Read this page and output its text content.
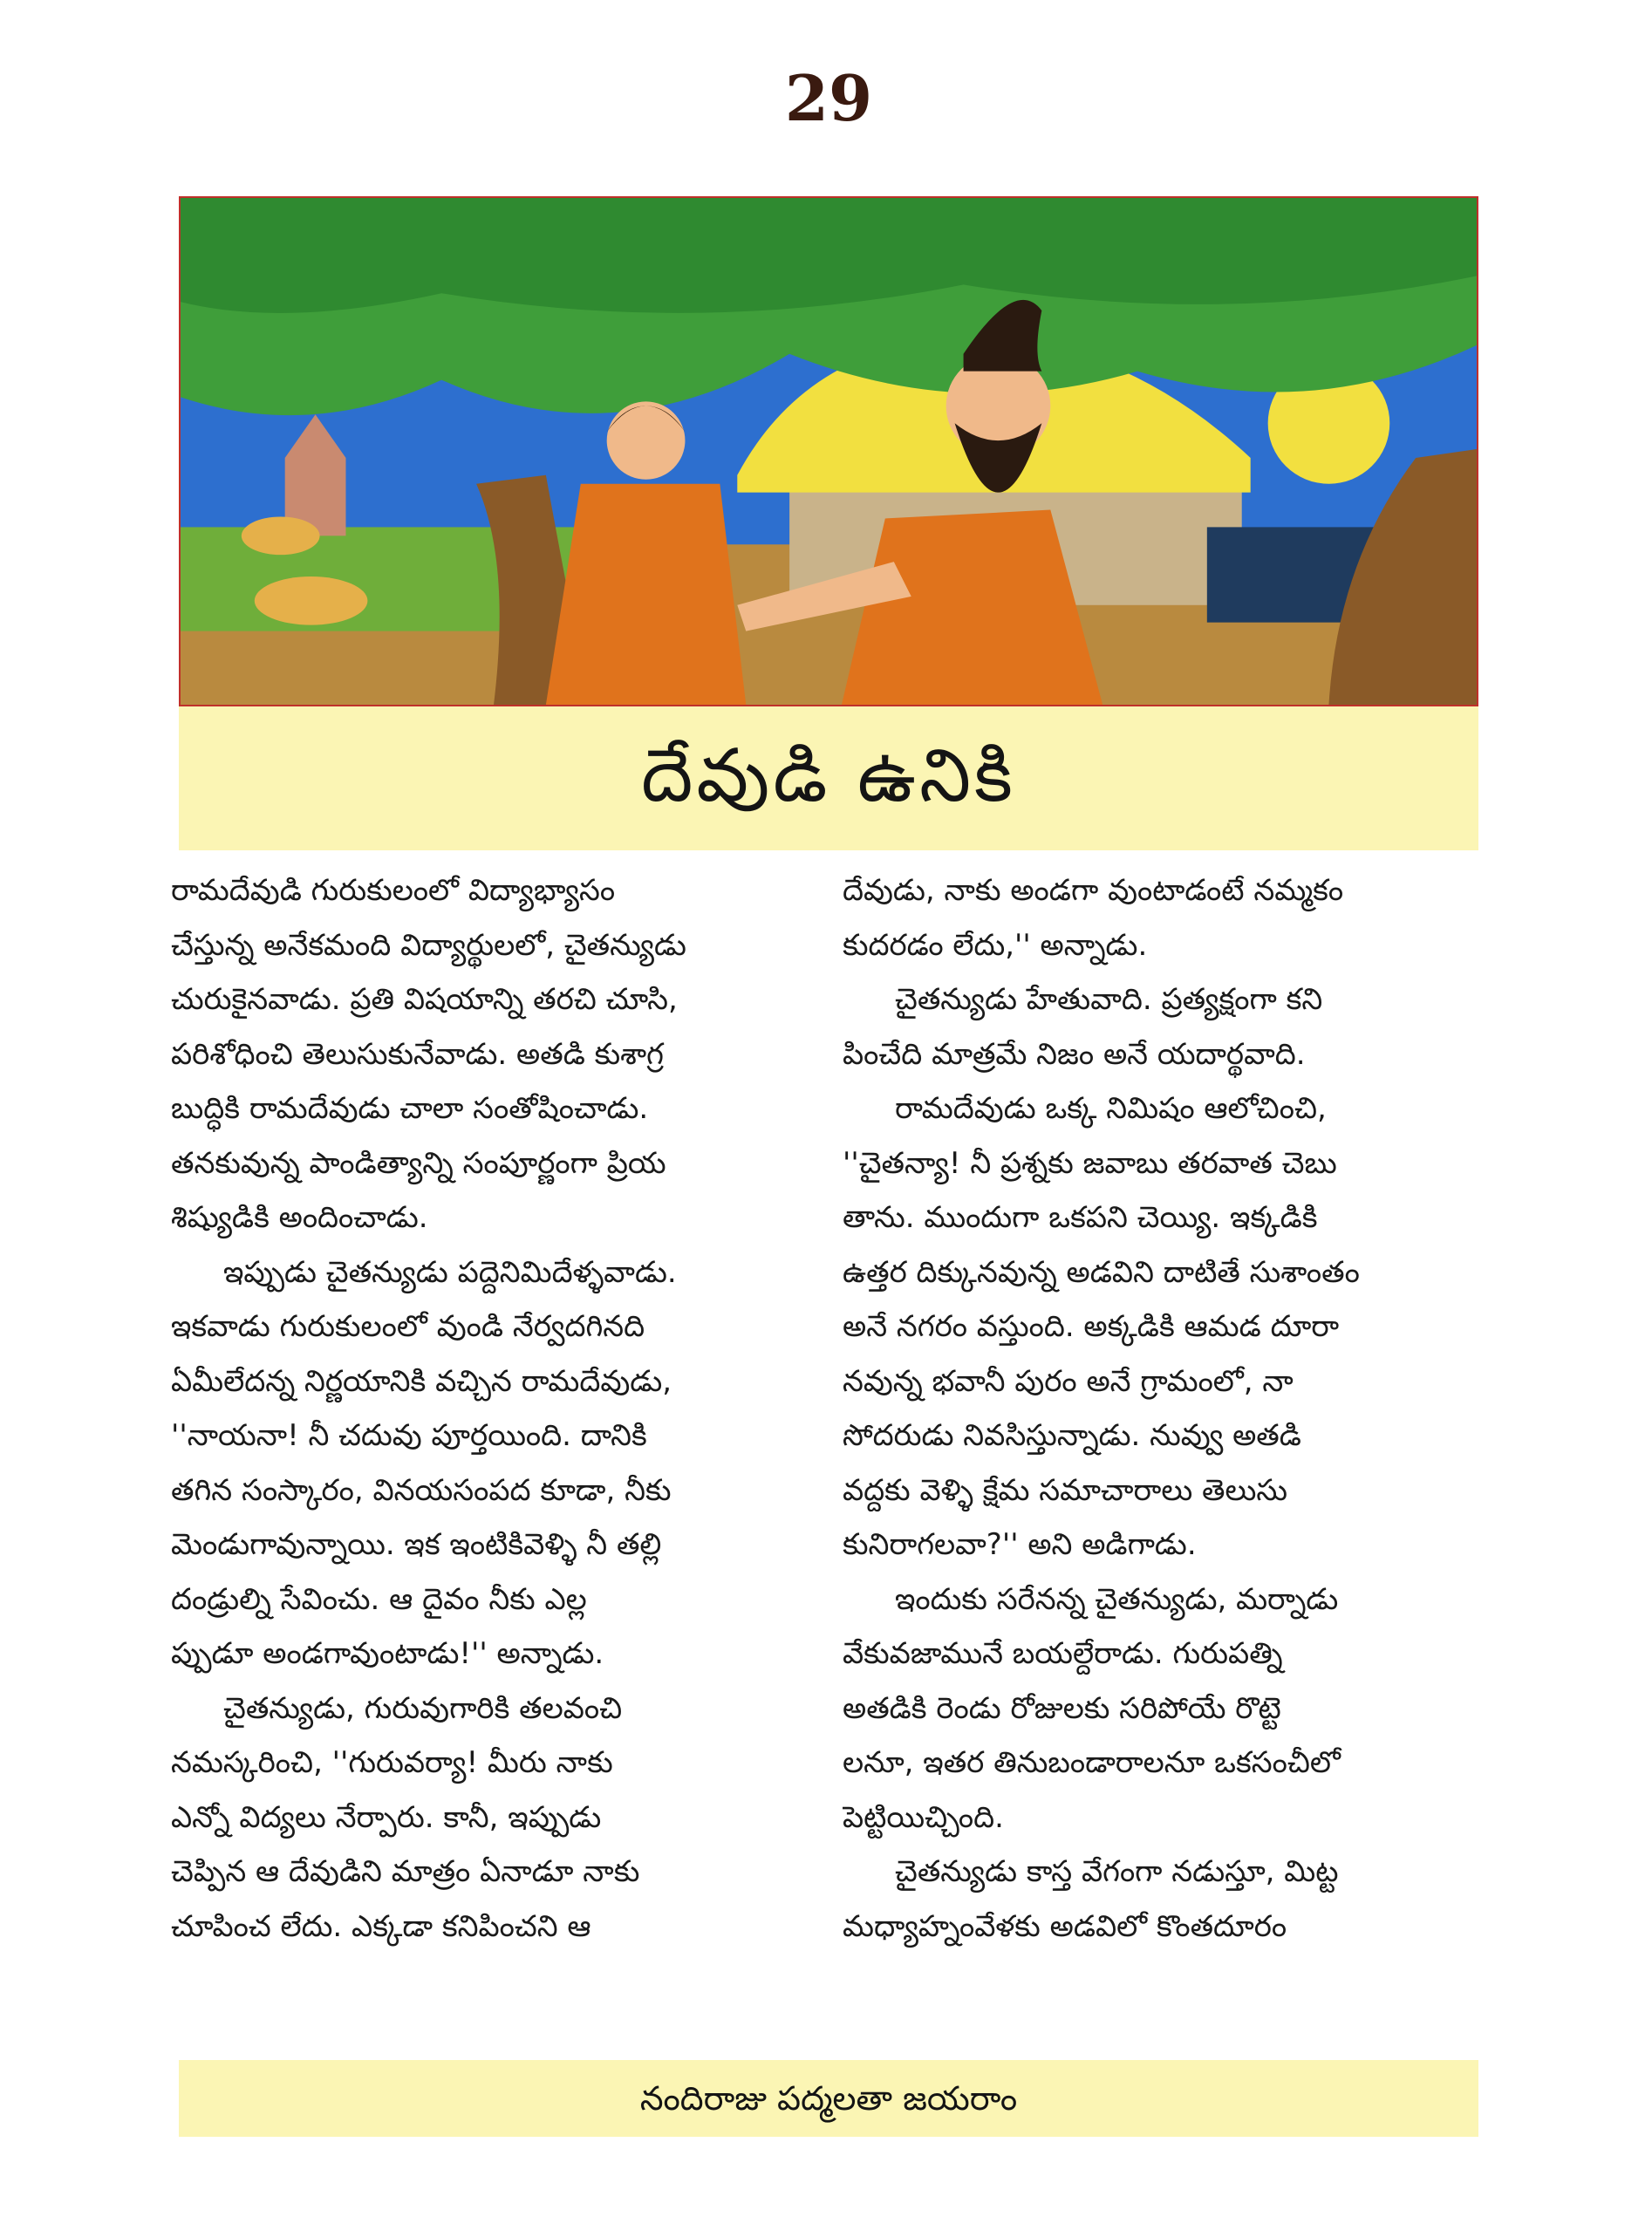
29
దేవుడి ఉనికి
రామదేవుడి గురుకులంలో విద్యాభ్యాసం
చేస్తున్న అనేకమంది విద్యార్థులలో, చైతన్యుడు
చురుకైనవాడు. ప్రతి విషయాన్ని తరచి చూసి,
పరిశోధించి తెలుసుకునేవాడు. అతడి కుశాగ్ర
బుద్ధికి రామదేవుడు చాలా సంతోషించాడు.
తనకువున్న పాండిత్యాన్ని సంపూర్ణంగా ప్రియ
శిష్యుడికి అందించాడు.
ఇప్పుడు చైతన్యుడు పద్దెనిమిదేళ్ళవాడు.
ఇకవాడు గురుకులంలో వుండి నేర్వదగినది
ఏమీలేదన్న నిర్ణయానికి వచ్చిన రామదేవుడు,
''నాయనా! నీ చదువు పూర్తయింది. దానికి
తగిన సంస్కారం, వినయసంపద కూడా, నీకు
మెండుగావున్నాయి. ఇక ఇంటికివెళ్ళి నీ తల్లి
దండ్రుల్ని సేవించు. ఆ దైవం నీకు ఎల్ల
ప్పుడూ అండగావుంటాడు!'' అన్నాడు.
చైతన్యుడు, గురువుగారికి తలవంచి
నమస్కరించి, ''గురువర్యా! మీరు నాకు
ఎన్నో విద్యలు నేర్పారు. కానీ, ఇప్పుడు
చెప్పిన ఆ దేవుడిని మాత్రం ఏనాడూ నాకు
చూపించ లేదు. ఎక్కడా కనిపించని ఆ
దేవుడు, నాకు అండగా వుంటాడంటే నమ్మకం
కుదరడం లేదు,'' అన్నాడు.
చైతన్యుడు హేతువాది. ప్రత్యక్షంగా కని
పించేది మాత్రమే నిజం అనే యదార్థవాది.
రామదేవుడు ఒక్క నిమిషం ఆలోచించి,
''చైతన్యా! నీ ప్రశ్నకు జవాబు తరవాత చెబు
తాను. ముందుగా ఒకపని చెయ్యి. ఇక్కడికి
ఉత్తర దిక్కునవున్న అడవిని దాటితే సుశాంతం
అనే నగరం వస్తుంది. అక్కడికి ఆమడ దూరా
నవున్న భవానీ పురం అనే గ్రామంలో, నా
సోదరుడు నివసిస్తున్నాడు. నువ్వు అతడి
వద్దకు వెళ్ళి క్షేమ సమాచారాలు తెలుసు
కునిరాగలవా?'' అని అడిగాడు.
ఇందుకు సరేనన్న చైతన్యుడు, మర్నాడు
వేకువజామునే బయల్దేరాడు. గురుపత్ని
అతడికి రెండు రోజులకు సరిపోయే రొట్టె
లనూ, ఇతర తినుబండారాలనూ ఒకసంచీలో
పెట్టియిచ్చింది.
చైతన్యుడు కాస్త వేగంగా నడుస్తూ, మిట్ట
మధ్యాహ్నంవేళకు అడవిలో కొంతదూరం
నందిరాజు పద్మలతా జయరాం
